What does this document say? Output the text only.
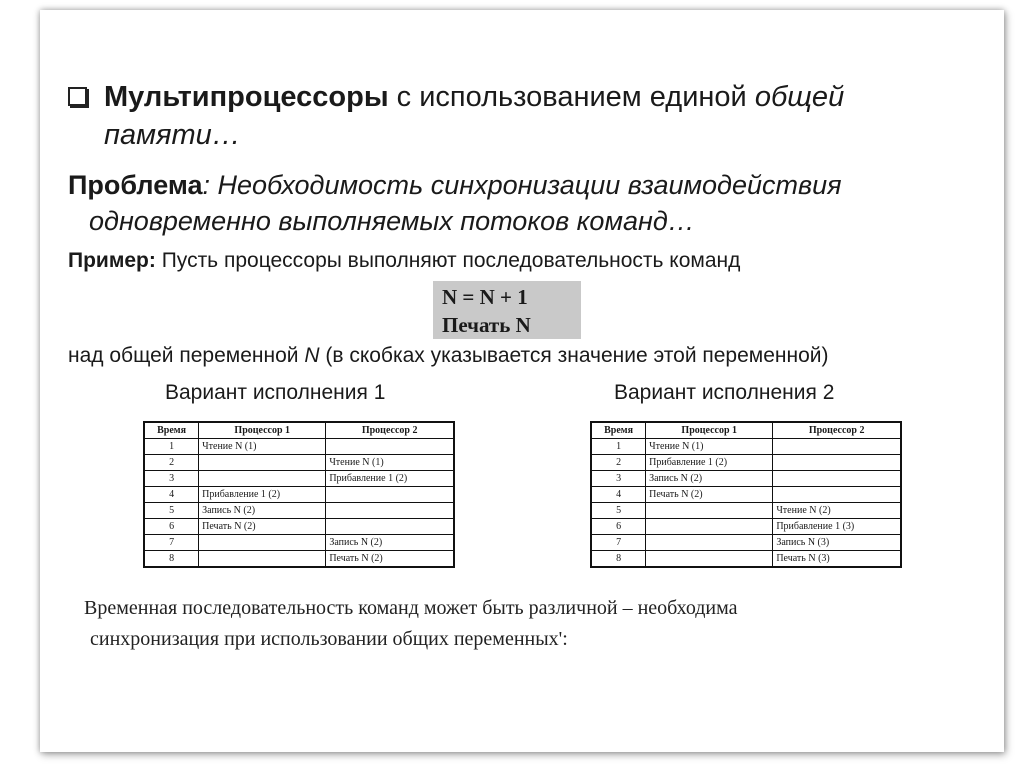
Мультипроцессоры с использованием единой общей
памяти…
Проблема: Необходимость синхронизации взаимодействия
одновременно выполняемых потоков команд…
Пример: Пусть процессоры выполняют последовательность команд
N = N + 1
Печать N
над общей переменной N (в скобках указывается значение этой переменной)
Вариант исполнения 1	Вариант исполнения 2
Время	Процессор 1	Процессор 2
1	Чтение N (1)	
2		Чтение N (1)
3		Прибавление 1 (2)
4	Прибавление 1 (2)	
5	Запись N (2)	
6	Печать N (2)	
7		Запись N (2)
8		Печать N (2)
Время	Процессор 1	Процессор 2
1	Чтение N (1)	
2	Прибавление 1 (2)	
3	Запись N (2)	
4	Печать N (2)	
5		Чтение N (2)
6		Прибавление 1 (3)
7		Запись N (3)
8		Печать N (3)
Временная последовательность команд может быть различной – необходима
синхронизация при использовании общих переменных':
